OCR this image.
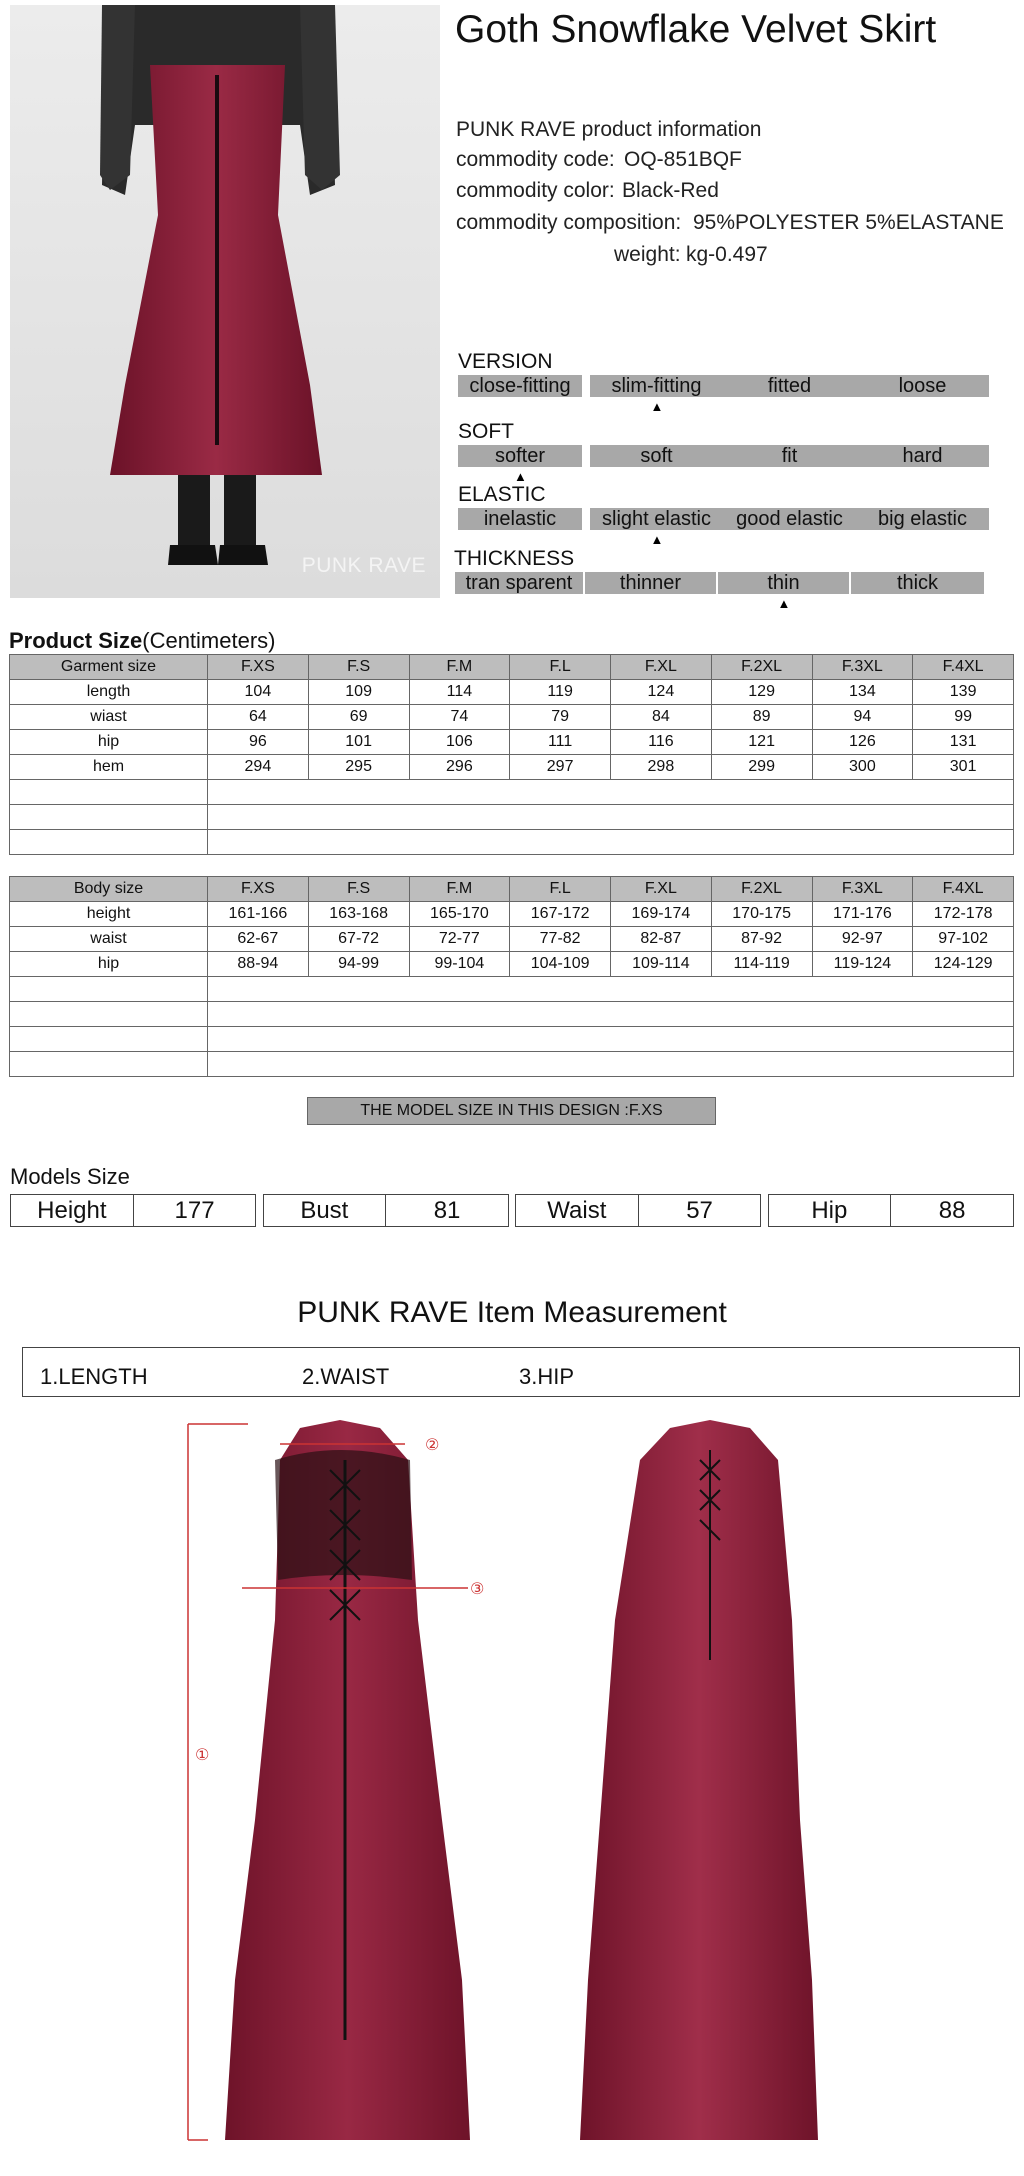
PUNK RAVE
Goth Snowflake Velvet Skirt
PUNK RAVE product information
commodity code: OQ-851BQF
commodity color: Black-Red
commodity composition: 95%POLYESTER 5%ELASTANE
weight: kg-0.497
VERSION
close-fitting	slim-fitting
▲
fitted	loose
SOFT
softer
▲
soft	fit	hard
ELASTIC
inelastic	slight elastic
▲
good elastic	big elastic
THICKNESS
tran sparent	thinner	thin
▲
thick
Product Size(Centimeters)
Garment size	F.XS	F.S	F.M	F.L	F.XL	F.2XL	F.3XL	F.4XL
length	104	109	114	119	124	129	134	139
wiast	64	69	74	79	84	89	94	99
hip	96	101	106	111	116	121	126	131
hem	294	295	296	297	298	299	300	301

Body size	F.XS	F.S	F.M	F.L	F.XL	F.2XL	F.3XL	F.4XL
height	161-166	163-168	165-170	167-172	169-174	170-175	171-176	172-178
waist	62-67	67-72	72-77	77-82	82-87	87-92	92-97	97-102
hip	88-94	94-99	99-104	104-109	109-114	114-119	119-124	124-129

THE MODEL SIZE IN THIS DESIGN :F.XS
Models Size
Height	177		Bust	81		Waist	57		Hip	88
PUNK RAVE Item Measurement
1.LENGTH	2.WAIST	3.HIP
①
②
③
